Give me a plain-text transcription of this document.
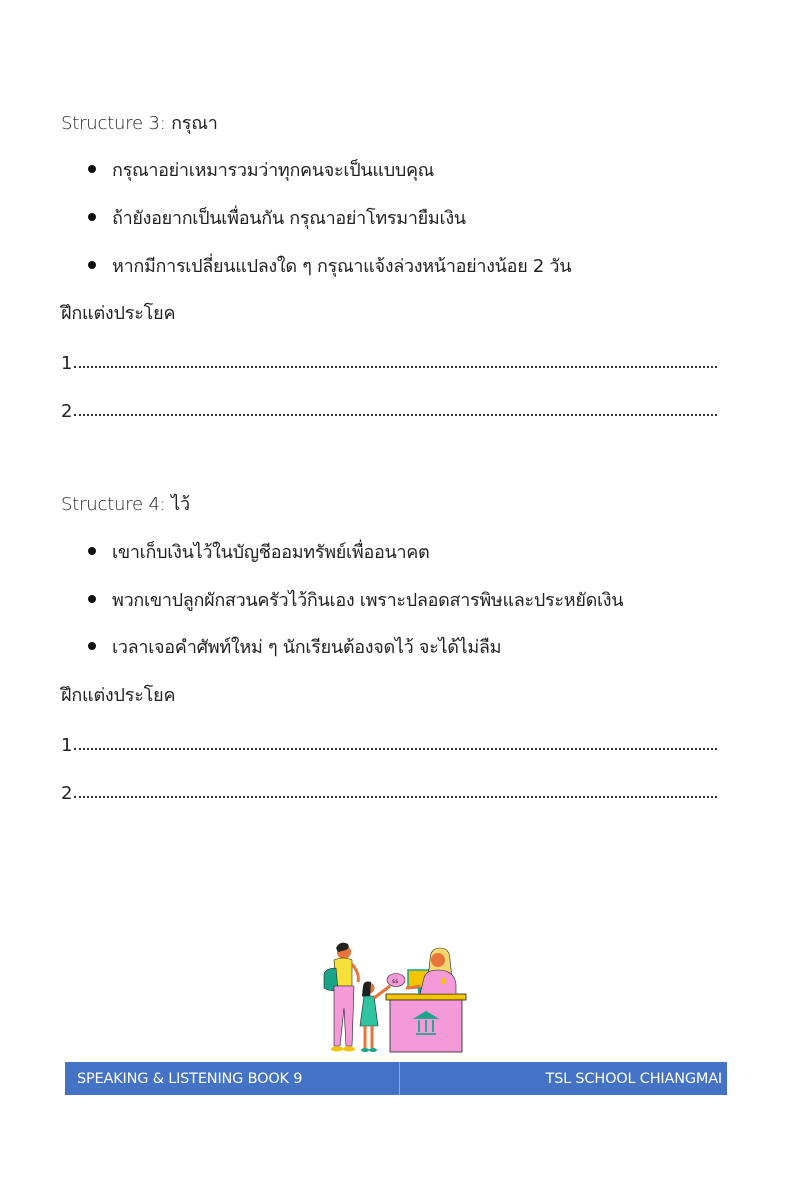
Structure 3: กรุณา
กรุณาอย่าเหมารวมว่าทุกคนจะเป็นแบบคุณ
ถ้ายังอยากเป็นเพื่อนกัน กรุณาอย่าโทรมายืมเงิน
หากมีการเปลี่ยนแปลงใด ๆ กรุณาแจ้งล่วงหน้าอย่างน้อย 2 วัน
ฝึกแต่งประโยค
1
2
Structure 4: ไว้
เขาเก็บเงินไว้ในบัญชีออมทรัพย์เพื่ออนาคต
พวกเขาปลูกผักสวนครัวไว้กินเอง เพราะปลอดสารพิษและประหยัดเงิน
เวลาเจอคำศัพท์ใหม่ ๆ นักเรียนต้องจดไว้ จะได้ไม่ลืม
ฝึกแต่งประโยค
1
2
$$
SPEAKING & LISTENING BOOK 9	TSL SCHOOL CHIANGMAI
